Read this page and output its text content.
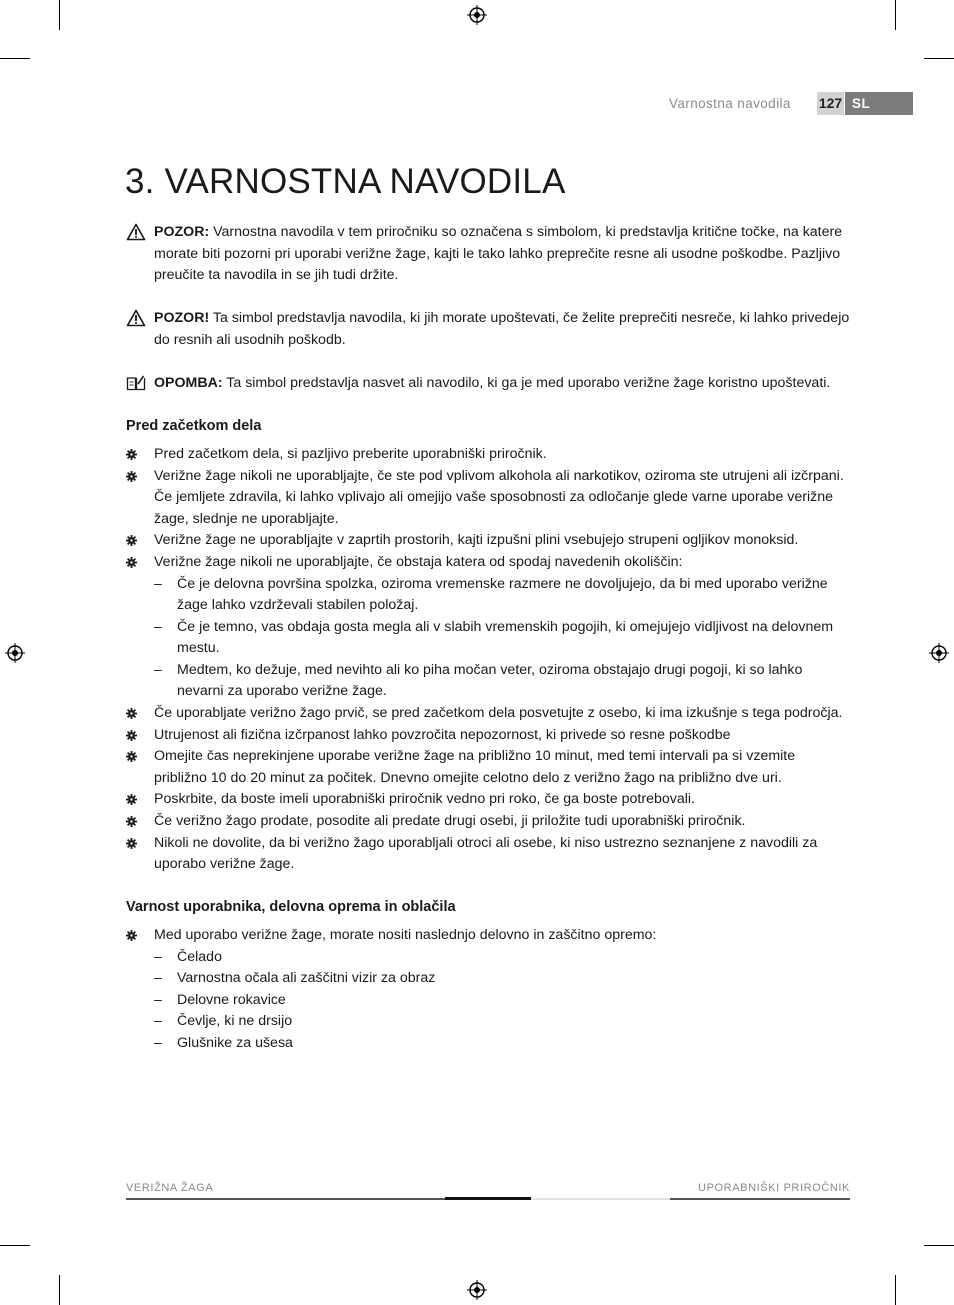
Varnostna navodila 127 SL
3. VARNOSTNA NAVODILA
POZOR: Varnostna navodila v tem priročniku so označena s simbolom, ki predstavlja kritične točke, na katere morate biti pozorni pri uporabi verižne žage, kajti le tako lahko preprečite resne ali usodne poškodbe. Pazljivo preučite ta navodila in se jih tudi držite.
POZOR! Ta simbol predstavlja navodila, ki jih morate upoštevati, če želite preprečiti nesreče, ki lahko privedejo do resnih ali usodnih poškodb.
OPOMBA: Ta simbol predstavlja nasvet ali navodilo, ki ga je med uporabo verižne žage koristno upoštevati.
Pred začetkom dela
Pred začetkom dela, si pazljivo preberite uporabniški priročnik.
Verižne žage nikoli ne uporabljajte, če ste pod vplivom alkohola ali narkotikov, oziroma ste utrujeni ali izčrpani. Če jemljete zdravila, ki lahko vplivajo ali omejijo vaše sposobnosti za odločanje glede varne uporabe verižne žage, slednje ne uporabljajte.
Verižne žage ne uporabljajte v zaprtih prostorih, kajti izpušni plini vsebujejo strupeni ogljikov monoksid.
Verižne žage nikoli ne uporabljajte, če obstaja katera od spodaj navedenih okoliščin:
– Če je delovna površina spolzka, oziroma vremenske razmere ne dovoljujejo, da bi med uporabo verižne žage lahko vzdrževali stabilen položaj.
– Če je temno, vas obdaja gosta megla ali v slabih vremenskih pogojih, ki omejujejo vidljivost na delovnem mestu.
– Medtem, ko dežuje, med nevihto ali ko piha močan veter, oziroma obstajajo drugi pogoji, ki so lahko nevarni za uporabo verižne žage.
Če uporabljate verižno žago prvič, se pred začetkom dela posvetujte z osebo, ki ima izkušnje s tega področja.
Utrujenost ali fizična izčrpanost lahko povzročita nepozornost, ki privede so resne poškodbe
Omejite čas neprekinjene uporabe verižne žage na približno 10 minut, med temi intervali pa si vzemite približno 10 do 20 minut za počitek. Dnevno omejite celotno delo z verižno žago na približno dve uri.
Poskrbite, da boste imeli uporabniški priročnik vedno pri roko, če ga boste potrebovali.
Če verižno žago prodate, posodite ali predate drugi osebi, ji priložite tudi uporabniški priročnik.
Nikoli ne dovolite, da bi verižno žago uporabljali otroci ali osebe, ki niso ustrezno seznanjene z navodili za uporabo verižne žage.
Varnost uporabnika, delovna oprema in oblačila
Med uporabo verižne žage, morate nositi naslednjo delovno in zaščitno opremo:
– Čelado
– Varnostna očala ali zaščitni vizir za obraz
– Delovne rokavice
– Čevlje, ki ne drsijo
– Glušnike za ušesa
VERIŽNA ŽAGA	UPORABNIŠKI PRIROČNIK
